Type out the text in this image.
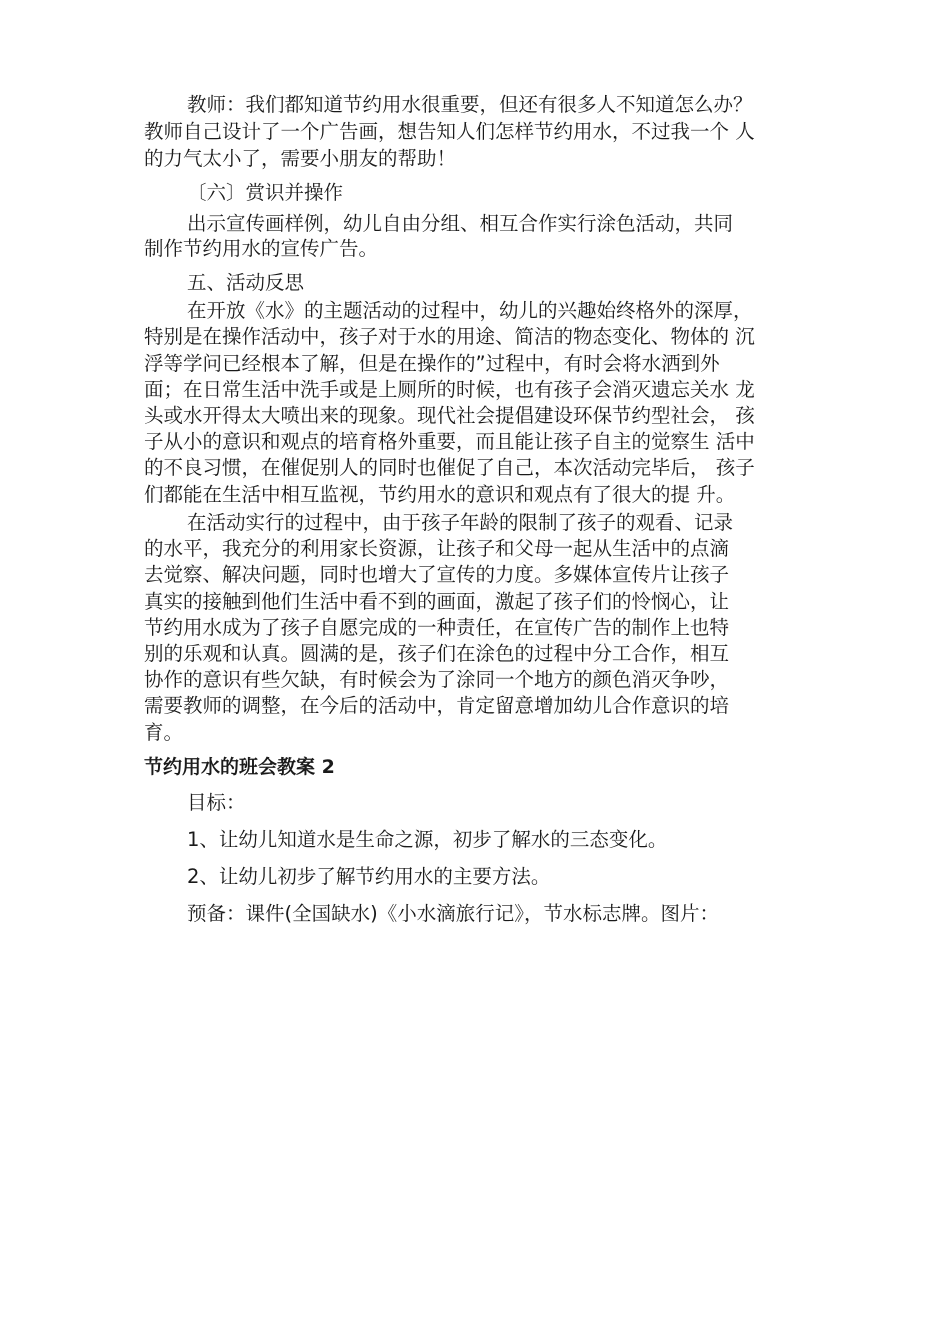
教师：我们都知道节约用水很重要，但还有很多人不知道怎么办？

教师自己设计了一个广告画，想告知人们怎样节约用水，不过我一个 人

的力气太小了，需要小朋友的帮助！

〔六〕赏识并操作

出示宣传画样例，幼儿自由分组、相互合作实行涂色活动，共同

制作节约用水的宣传广告。

五、活动反思

在开放《水》的主题活动的过程中，幼儿的兴趣始终格外的深厚，

特别是在操作活动中，孩子对于水的用途、简洁的物态变化、物体的 沉

浮等学问已经根本了解，但是在操作的”过程中，有时会将水洒到外

面；在日常生活中洗手或是上厕所的时候，也有孩子会消灭遗忘关水 龙

头或水开得太大喷出来的现象。现代社会提倡建设环保节约型社会， 孩

子从小的意识和观点的培育格外重要，而且能让孩子自主的觉察生 活中

的不良习惯，在催促别人的同时也催促了自己，本次活动完毕后， 孩子

们都能在生活中相互监视，节约用水的意识和观点有了很大的提 升。

在活动实行的过程中，由于孩子年龄的限制了孩子的观看、记录

的水平，我充分的利用家长资源，让孩子和父母一起从生活中的点滴

去觉察、解决问题，同时也增大了宣传的力度。多媒体宣传片让孩子

真实的接触到他们生活中看不到的画面，激起了孩子们的怜悯心，让

节约用水成为了孩子自愿完成的一种责任，在宣传广告的制作上也特

别的乐观和认真。圆满的是，孩子们在涂色的过程中分工合作，相互

协作的意识有些欠缺，有时候会为了涂同一个地方的颜色消灭争吵，

需要教师的调整，在今后的活动中，肯定留意增加幼儿合作意识的培

育。

节约用水的班会教案 2

目标：

1、让幼儿知道水是生命之源，初步了解水的三态变化。

2、让幼儿初步了解节约用水的主要方法。

预备：课件(全国缺水)《小水滴旅行记》，节水标志牌。图片：
